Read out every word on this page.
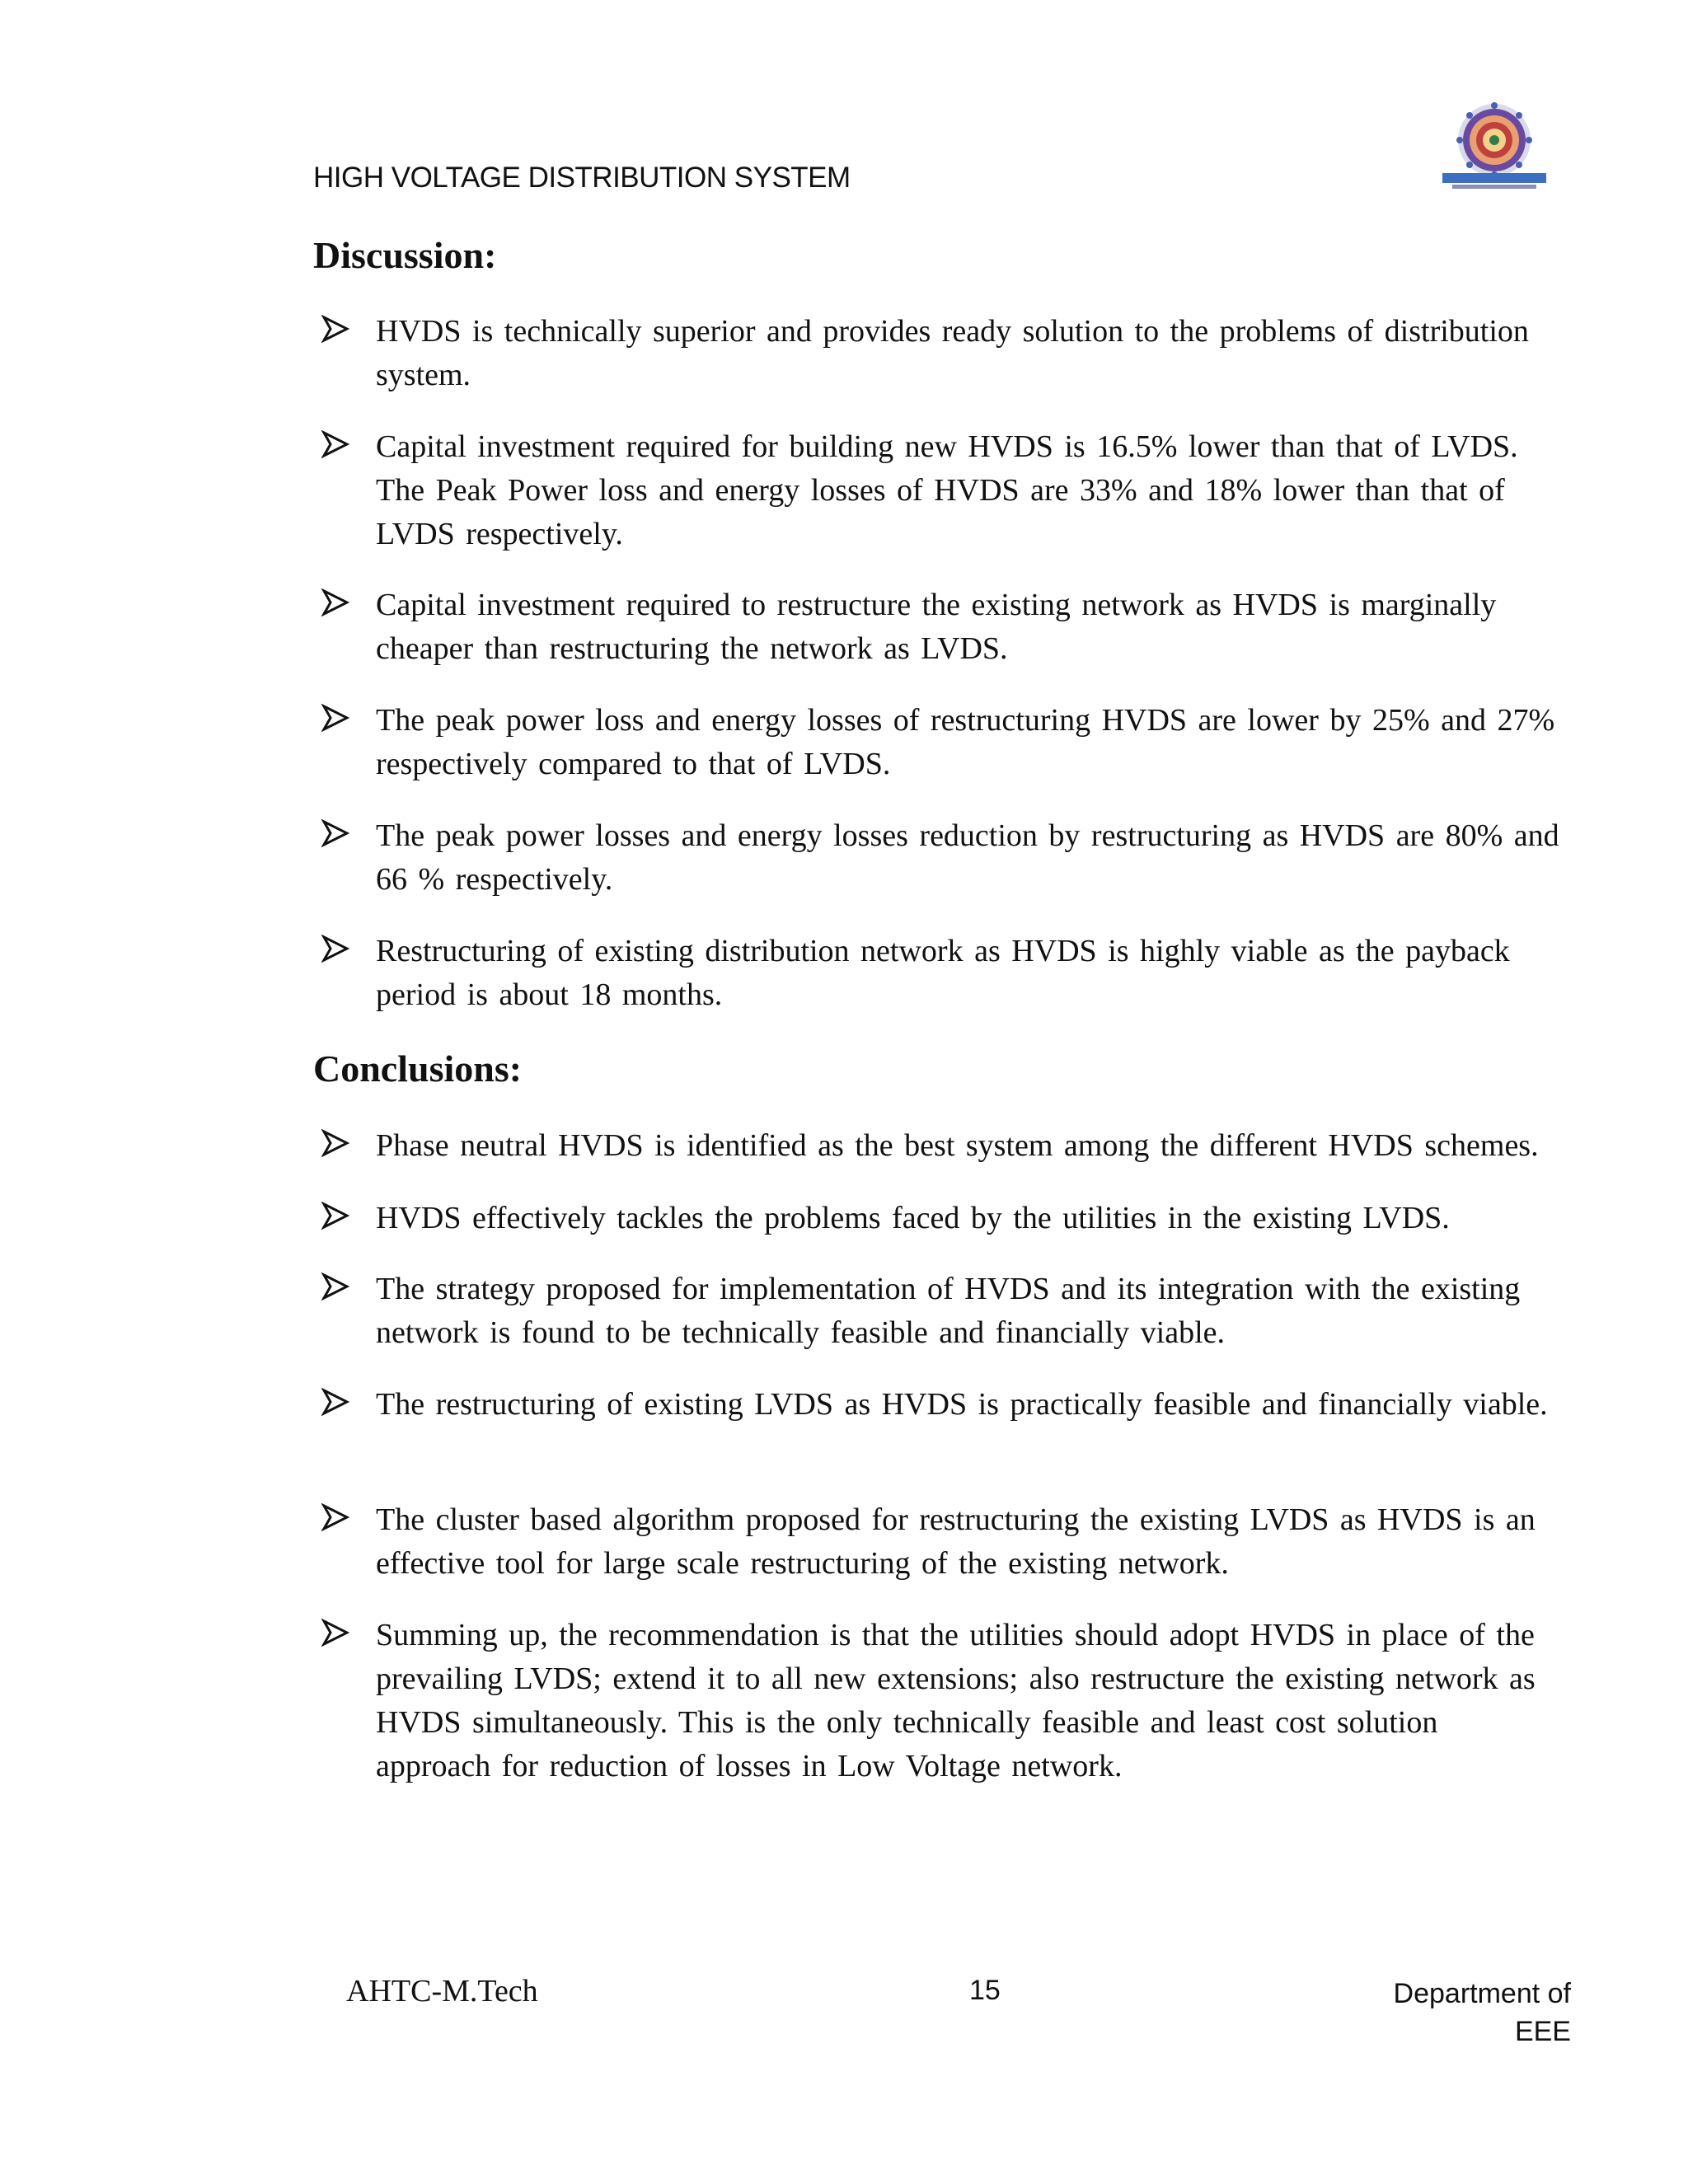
HIGH VOLTAGE DISTRIBUTION SYSTEM
Discussion:
HVDS is technically superior and provides ready solution to the problems of distribution system.
Capital investment required for building new HVDS is 16.5% lower than that of LVDS. The Peak Power loss and energy losses of HVDS are 33% and 18% lower than that of LVDS respectively.
Capital investment required to restructure the existing network as HVDS is marginally cheaper than restructuring the network as LVDS.
The peak power loss and energy losses of restructuring HVDS are lower by 25% and 27% respectively compared to that of LVDS.
The peak power losses and energy losses reduction by restructuring as HVDS are 80% and 66 % respectively.
Restructuring of existing distribution network as HVDS is highly viable as the payback period is about 18 months.
Conclusions:
Phase neutral HVDS is identified as the best system among the different HVDS schemes.
HVDS effectively tackles the problems faced by the utilities in the existing LVDS.
The strategy proposed for implementation of HVDS and its integration with the existing network is found to be technically feasible and financially viable.
The restructuring of existing LVDS as HVDS is practically feasible and financially viable.
The cluster based algorithm proposed for restructuring the existing LVDS as HVDS is an effective tool for large scale restructuring of the existing network.
Summing up, the recommendation is that the utilities should adopt HVDS in place of the prevailing LVDS; extend it to all new extensions; also restructure the existing network as HVDS simultaneously. This is the only technically feasible and least cost solution approach for reduction of losses in Low Voltage network.
AHTC-M.Tech	15	Department of
EEE
